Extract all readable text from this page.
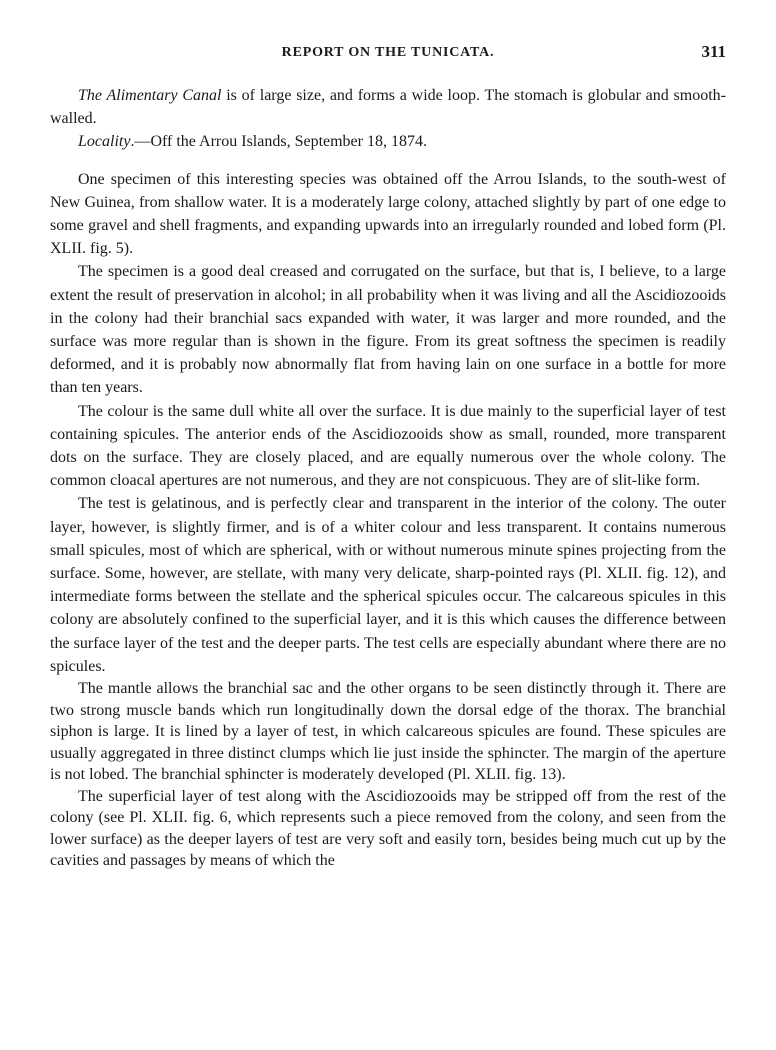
REPORT ON THE TUNICATA.	311

The Alimentary Canal is of large size, and forms a wide loop. The stomach is globular and smooth-walled.

Locality.—Off the Arrou Islands, September 18, 1874.

One specimen of this interesting species was obtained off the Arrou Islands, to the south-west of New Guinea, from shallow water. It is a moderately large colony, attached slightly by part of one edge to some gravel and shell fragments, and expanding upwards into an irregularly rounded and lobed form (Pl. XLII. fig. 5).

The specimen is a good deal creased and corrugated on the surface, but that is, I believe, to a large extent the result of preservation in alcohol; in all probability when it was living and all the Ascidiozooids in the colony had their branchial sacs expanded with water, it was larger and more rounded, and the surface was more regular than is shown in the figure. From its great softness the specimen is readily deformed, and it is probably now abnormally flat from having lain on one surface in a bottle for more than ten years.

The colour is the same dull white all over the surface. It is due mainly to the superficial layer of test containing spicules. The anterior ends of the Ascidiozooids show as small, rounded, more transparent dots on the surface. They are closely placed, and are equally numerous over the whole colony. The common cloacal apertures are not numerous, and they are not conspicuous. They are of slit-like form.

The test is gelatinous, and is perfectly clear and transparent in the interior of the colony. The outer layer, however, is slightly firmer, and is of a whiter colour and less transparent. It contains numerous small spicules, most of which are spherical, with or without numerous minute spines projecting from the surface. Some, however, are stellate, with many very delicate, sharp-pointed rays (Pl. XLII. fig. 12), and intermediate forms between the stellate and the spherical spicules occur. The calcareous spicules in this colony are absolutely confined to the superficial layer, and it is this which causes the difference between the surface layer of the test and the deeper parts. The test cells are especially abundant where there are no spicules.

The mantle allows the branchial sac and the other organs to be seen distinctly through it. There are two strong muscle bands which run longitudinally down the dorsal edge of the thorax. The branchial siphon is large. It is lined by a layer of test, in which calcareous spicules are found. These spicules are usually aggregated in three distinct clumps which lie just inside the sphincter. The margin of the aperture is not lobed. The branchial sphincter is moderately developed (Pl. XLII. fig. 13).

The superficial layer of test along with the Ascidiozooids may be stripped off from the rest of the colony (see Pl. XLII. fig. 6, which represents such a piece removed from the colony, and seen from the lower surface) as the deeper layers of test are very soft and easily torn, besides being much cut up by the cavities and passages by means of which the
